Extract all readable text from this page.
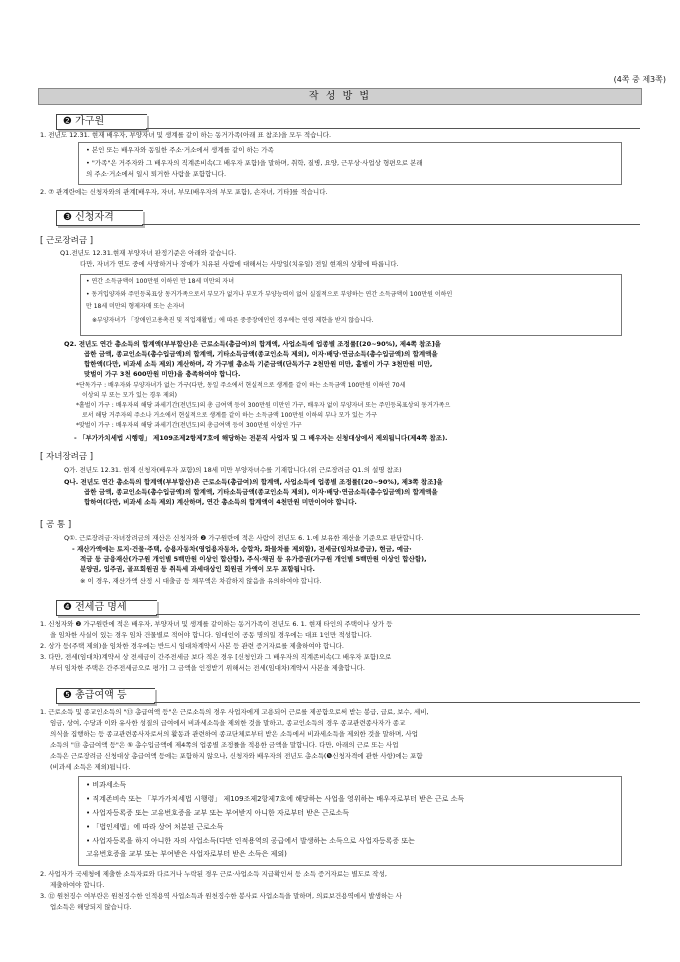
(4쪽 중 제3쪽)
작 성 방 법
❷ 가구원
1. 전년도 12.31. 현재 배우자, 부양자녀 및 생계를 같이 하는 동거가족(아래 표 참조)을 모두 적습니다.
• 본인 또는 배우자와 동일한 주소·거소에서 생계를 같이 하는 가족
• "가족"은 거주자와 그 배우자의 직계존비속(그 배우자 포함)을 말하며, 취학, 질병, 요양, 근무상·사업상 형편으로 본래
의 주소·거소에서 일시 퇴거한 사람을 포함합니다.
2. ⑦ 관계란에는 신청자와의 관계[배우자, 자녀, 부모(배우자의 부모 포함), 손자녀, 기타]를 적습니다.
❸ 신청자격
[ 근로장려금 ]
Q1.전년도 12.31.현재 부양자녀 판정기준은 아래와 같습니다.
다만, 자녀가 연도 중에 사망하거나 장애가 치유된 사람에 대해서는 사망일(치유일) 전일 현재의 상황에 따릅니다.
• 연간 소득금액이 100만원 이하인 만 18세 미만의 자녀
• 동거입양자와 주민등록표상 동거가족으로서 부모가 없거나 부모가 부양능력이 없어 실질적으로 부양하는 연간 소득금액이 100만원 이하인
만 18세 미만의 형제자매 또는 손자녀
※부양자녀가 「장애인고용촉진 및 직업재활법」에 따른 중증장애인인 경우에는 연령 제한을 받지 않습니다.
Q2. 전년도 연간 총소득의 합계액(부부합산)은 근로소득(총급여)의 합계액, 사업소득에 업종별 조정률[(20~90%), 제4쪽 참조]을
곱한 금액, 종교인소득(총수입금액)의 합계액, 기타소득금액(종교인소득 제외), 이자·배당·연금소득(총수입금액)의 합계액을
합한액(다만, 비과세 소득 제외) 계산하며, 각 가구별 총소득 기준금액(단독가구 2천만원 미만, 홑벌이 가구 3천만원 미만,
맞벌이 가구 3천 600만원 미만)을 충족하여야 합니다.
*단독가구 : 배우자와 부양자녀가 없는 가구(다만, 동일 주소에서 현실적으로 생계를 같이 하는 소득금액 100만원 이하인 70세
이상의 부 또는 모가 있는 경우 제외)
*홑벌이 가구 : 배우자의 해당 과세기간(전년도)의 총 급여액 등이 300만원 미만인 가구, 배우자 없이 부양자녀 또는 주민등록표상의 동거가족으
로서 해당 거주자의 주소나 거소에서 현실적으로 생계를 같이 하는 소득금액 100만원 이하의 부나 모가 있는 가구
*맞벌이 가구 : 배우자의 해당 과세기간(전년도)의 총급여액 등이 300만원 이상인 가구
- 「부가가치세법 시행령」 제109조제2항제7호에 해당하는 전문직 사업자 및 그 배우자는 신청대상에서 제외됩니다(제4쪽 참조).
[ 자녀장려금 ]
Q가. 전년도 12.31. 현재 신청자(배우자 포함)의 18세 미만 부양자녀수를 기재합니다.(위 근로장려금 Q1.의 설명 참조)
Q나. 전년도 연간 총소득의 합계액(부부합산)은 근로소득(총급여)의 합계액, 사업소득에 업종별 조정률[(20~90%), 제3쪽 참조]을
곱한 금액, 종교인소득(총수입금액)의 합계액, 기타소득금액(종교인소득 제외), 이자·배당·연금소득(총수입금액)의 합계액을
합하여(다만, 비과세 소득 제외) 계산하며, 연간 총소득의 합계액이 4천만원 미만이어야 합니다.
[ 공 통 ]
Q①. 근로장려금·자녀장려금의 재산은 신청자와 ❷ 가구원란에 적은 사람이 전년도 6. 1.에 보유한 재산을 기준으로 판단합니다.
- 재산가액에는 토지·건물·주택, 승용자동차(영업용자동차, 승합차, 화물차를 제외함), 전세금(임차보증금), 현금, 예금·
적금 등 금융재산(가구원 개인별 5백만원 이상인 합산함), 주식·채권 등 유가증권(가구원 개인별 5백만원 이상인 합산함),
분양권, 입주권, 골프회원권 등 취득세 과세대상인 회원권 가액이 모두 포함됩니다.
※ 이 경우, 재산가액 산정 시 대출금 등 채무액은 차감하지 않음을 유의하여야 합니다.
❹ 전세금 명세
1. 신청자와 ❷ 가구원란에 적은 배우자, 부양자녀 및 생계를 같이하는 동거가족이 전년도 6. 1. 현재 타인의 주택이나 상가 등
을 임차한 사실이 있는 경우 임차 건물별로 적어야 합니다. 임대인이 공동 명의일 경우에는 대표 1인만 적성합니다.
2. 상가 등(주택 제외)을 임차한 경우에는 반드시 임대차계약서 사본 등 관련 증거자료를 제출하여야 합니다.
3. 다만, 전세(임대차)계약서 상 전세금이 간주전세금 보다 적은 경우 [신청인과 그 배우자의 직계존비속(그 배우자 포함)으로
부터 임차한 주택은 간주전세금으로 평가] 그 금액을 인정받기 위해서는 전세(임대차)계약서 사본을 제출합니다.
❺ 총급여액 등
1. 근로소득 및 종교인소득의 "⑬ 총급여액 등"은 근로소득의 경우 사업자에게 고용되어 근로를 제공함으로써 받는 봉급, 급료, 보수, 세비,
임금, 상여, 수당과 이와 유사한 성질의 급여에서 비과세소득을 제외한 것을 말하고, 종교인소득의 경우 종교관련종사자가 종교
의식을 집행하는 등 종교관련종사자로서의 활동과 관련하여 종교단체로부터 받은 소득에서 비과세소득을 제외한 것을 말하며, 사업
소득의 "⑬ 총급여액 등"은 ⑤ 총수입금액에 제4쪽의 업종별 조정률을 적용한 금액을 말합니다. 다만, 아래의 근로 또는 사업
소득은 근로장려금 신청대상 총급여액 등에는 포함하지 않으나, 신청자와 배우자의 전년도 총소득(❺신청자격에 관한 사항)에는 포함
(비과세 소득은 제외)됩니다.
• 비과세소득
• 직계존비속 또는 「부가가치세법 시행령」 제109조제2항제7호에 해당하는 사업을 영위하는 배우자로부터 받은 근로 소득
• 사업자등록증 또는 고유번호증을 교부 또는 부여받지 아니한 자로부터 받은 근로소득
• 「법인세법」에 따라 상여 처분된 근로소득
• 사업자등록을 하지 아니한 자의 사업소득(다만 인적용역의 공급에서 발생하는 소득으로 사업자등록증 또는
고유번호증을 교부 또는 부여받은 사업자로부터 받은 소득은 제외)
2. 사업자가 국세청에 제출한 소득자료와 다르거나 누락된 경우 근로·사업소득 지급확인서 등 소득 증거자료는 별도로 작성,
제출하여야 합니다.
3. ⑫ 원천징수 여부란은 원천징수한 인적용역 사업소득과 원천징수한 봉사료 사업소득을 말하며, 의료보건용역에서 발생하는 사
업소득은 해당되지 않습니다.
